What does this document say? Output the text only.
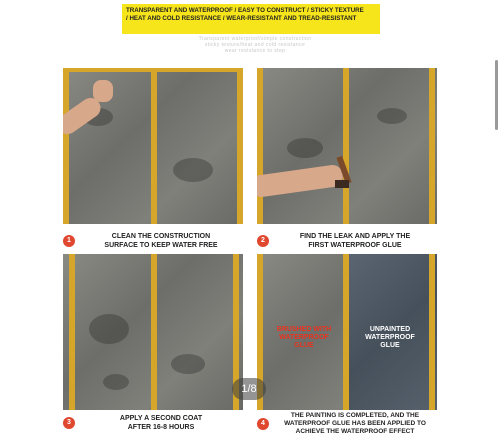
TRANSPARENT AND WATERPROOF / EASY TO CONSTRUCT / STICKY TEXTURE
/ HEAT AND COLD RESISTANCE / WEAR-RESISTANT AND TREAD-RESISTANT
Transparent waterproof/simple construction
sticky texture/heat and cold resistance
wear resistance to step
1
CLEAN THE CONSTRUCTION
SURFACE TO KEEP WATER FREE
2
FIND THE LEAK AND APPLY THE
FIRST WATERPROOF GLUE
3
APPLY A SECOND COAT
AFTER 16-8 HOURS
BRUSHED WITH WATERPROOF GLUE
UNPAINTED WATERPROOF GLUE
4
THE PAINTING IS COMPLETED, AND THE
WATERPROOF GLUE HAS BEEN APPLIED TO
ACHIEVE THE WATERPROOF EFFECT
1/8
